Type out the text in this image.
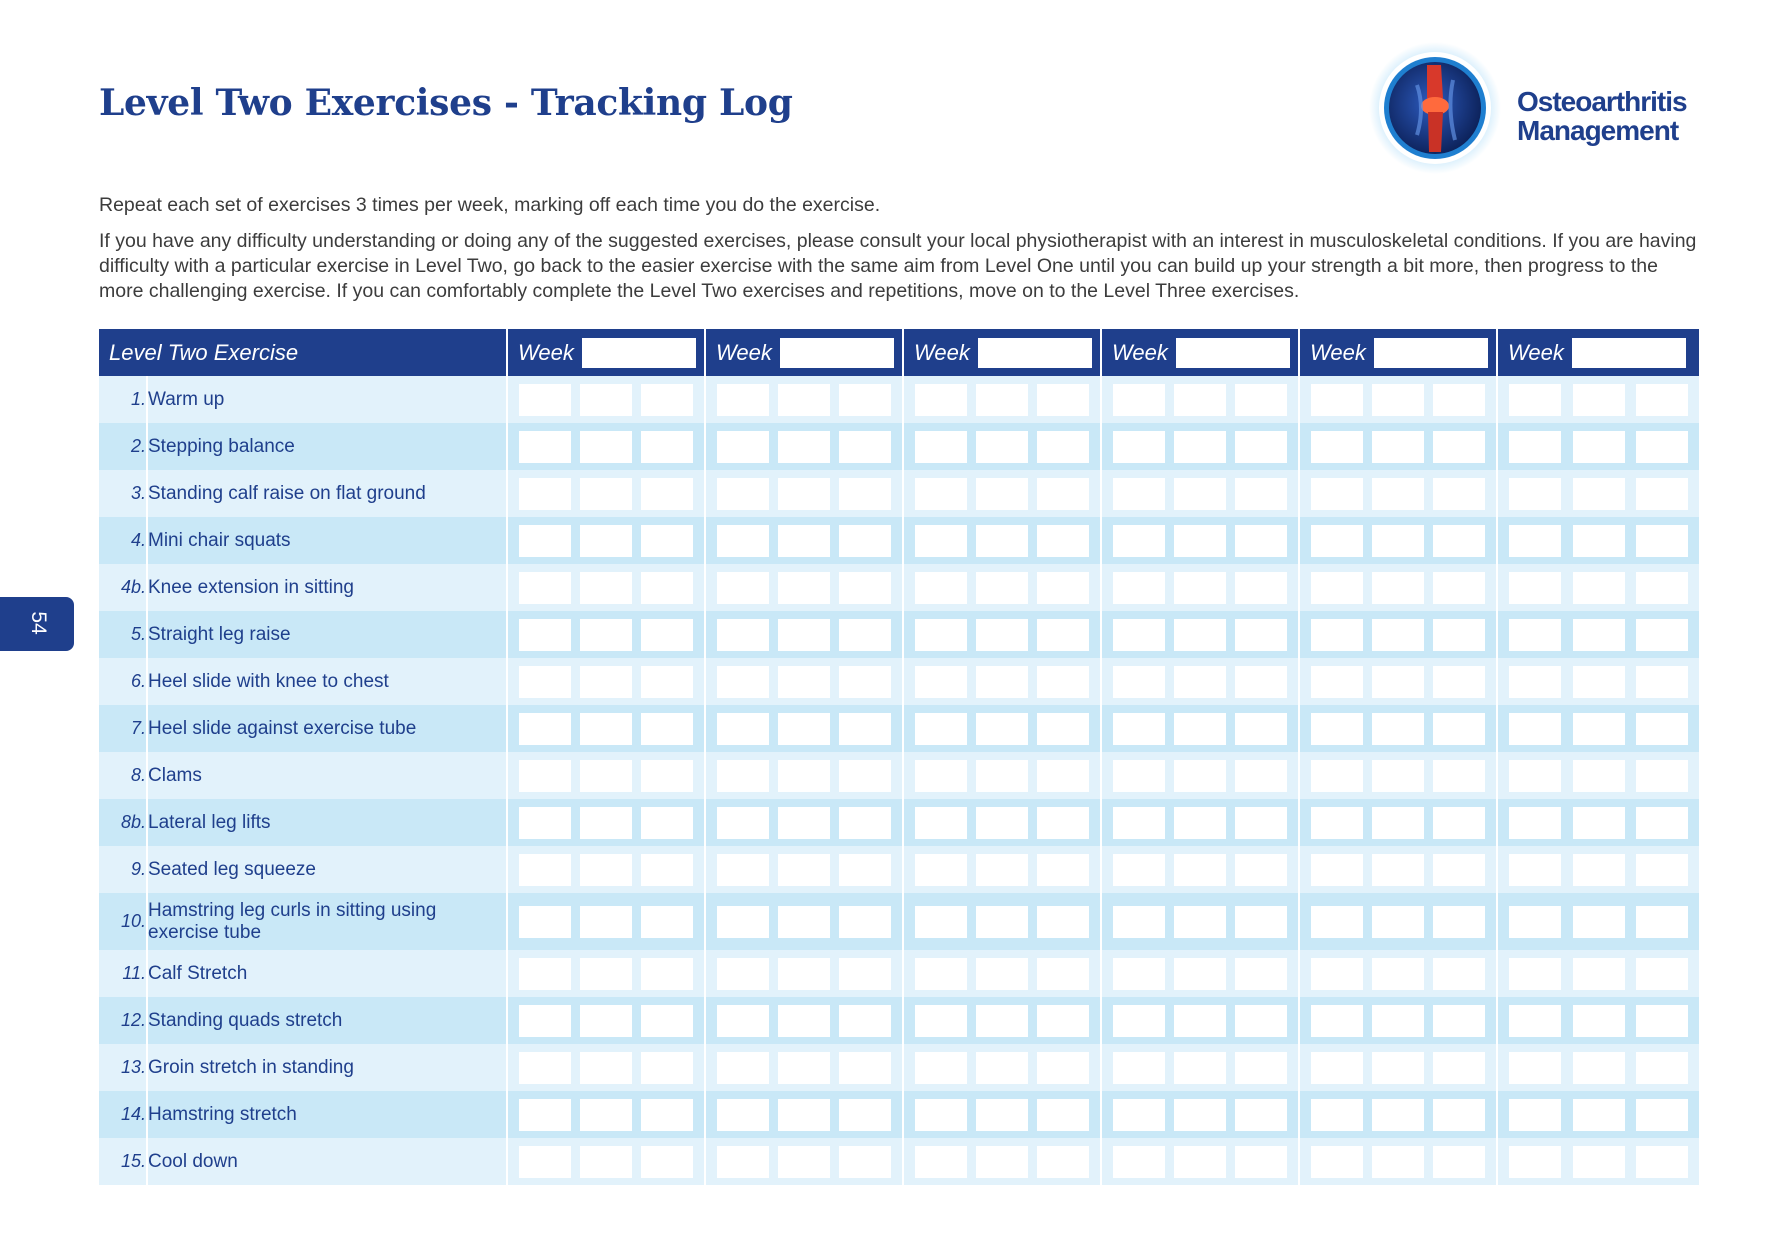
Level Two Exercises - Tracking Log	Osteoarthritis
Management

Repeat each set of exercises 3 times per week, marking off each time you do the exercise.

If you have any difficulty understanding or doing any of the suggested exercises, please consult your local physiotherapist with an interest in musculoskeletal conditions. If you are having difficulty with a particular exercise in Level Two, go back to the easier exercise with the same aim from Level One until you can build up your strength a bit more, then progress to the more challenging exercise. If you can comfortably complete the Level Two exercises and repetitions, move on to the Level Three exercises.

54
Level Two Exercise		Week	Week	Week	Week	Week	Week

1.	Warm up	

2.	Stepping balance	

3.	Standing calf raise on flat ground	

4.	Mini chair squats	

4b.	Knee extension in sitting	

5.	Straight leg raise	

6.	Heel slide with knee to chest	

7.	Heel slide against exercise tube	

8.	Clams	

8b.	Lateral leg lifts	

9.	Seated leg squeeze	

10.	Hamstring leg curls in sitting using exercise tube	

11.	Calf Stretch	

12.	Standing quads stretch	

13.	Groin stretch in standing	

14.	Hamstring stretch	

15.	Cool down	
